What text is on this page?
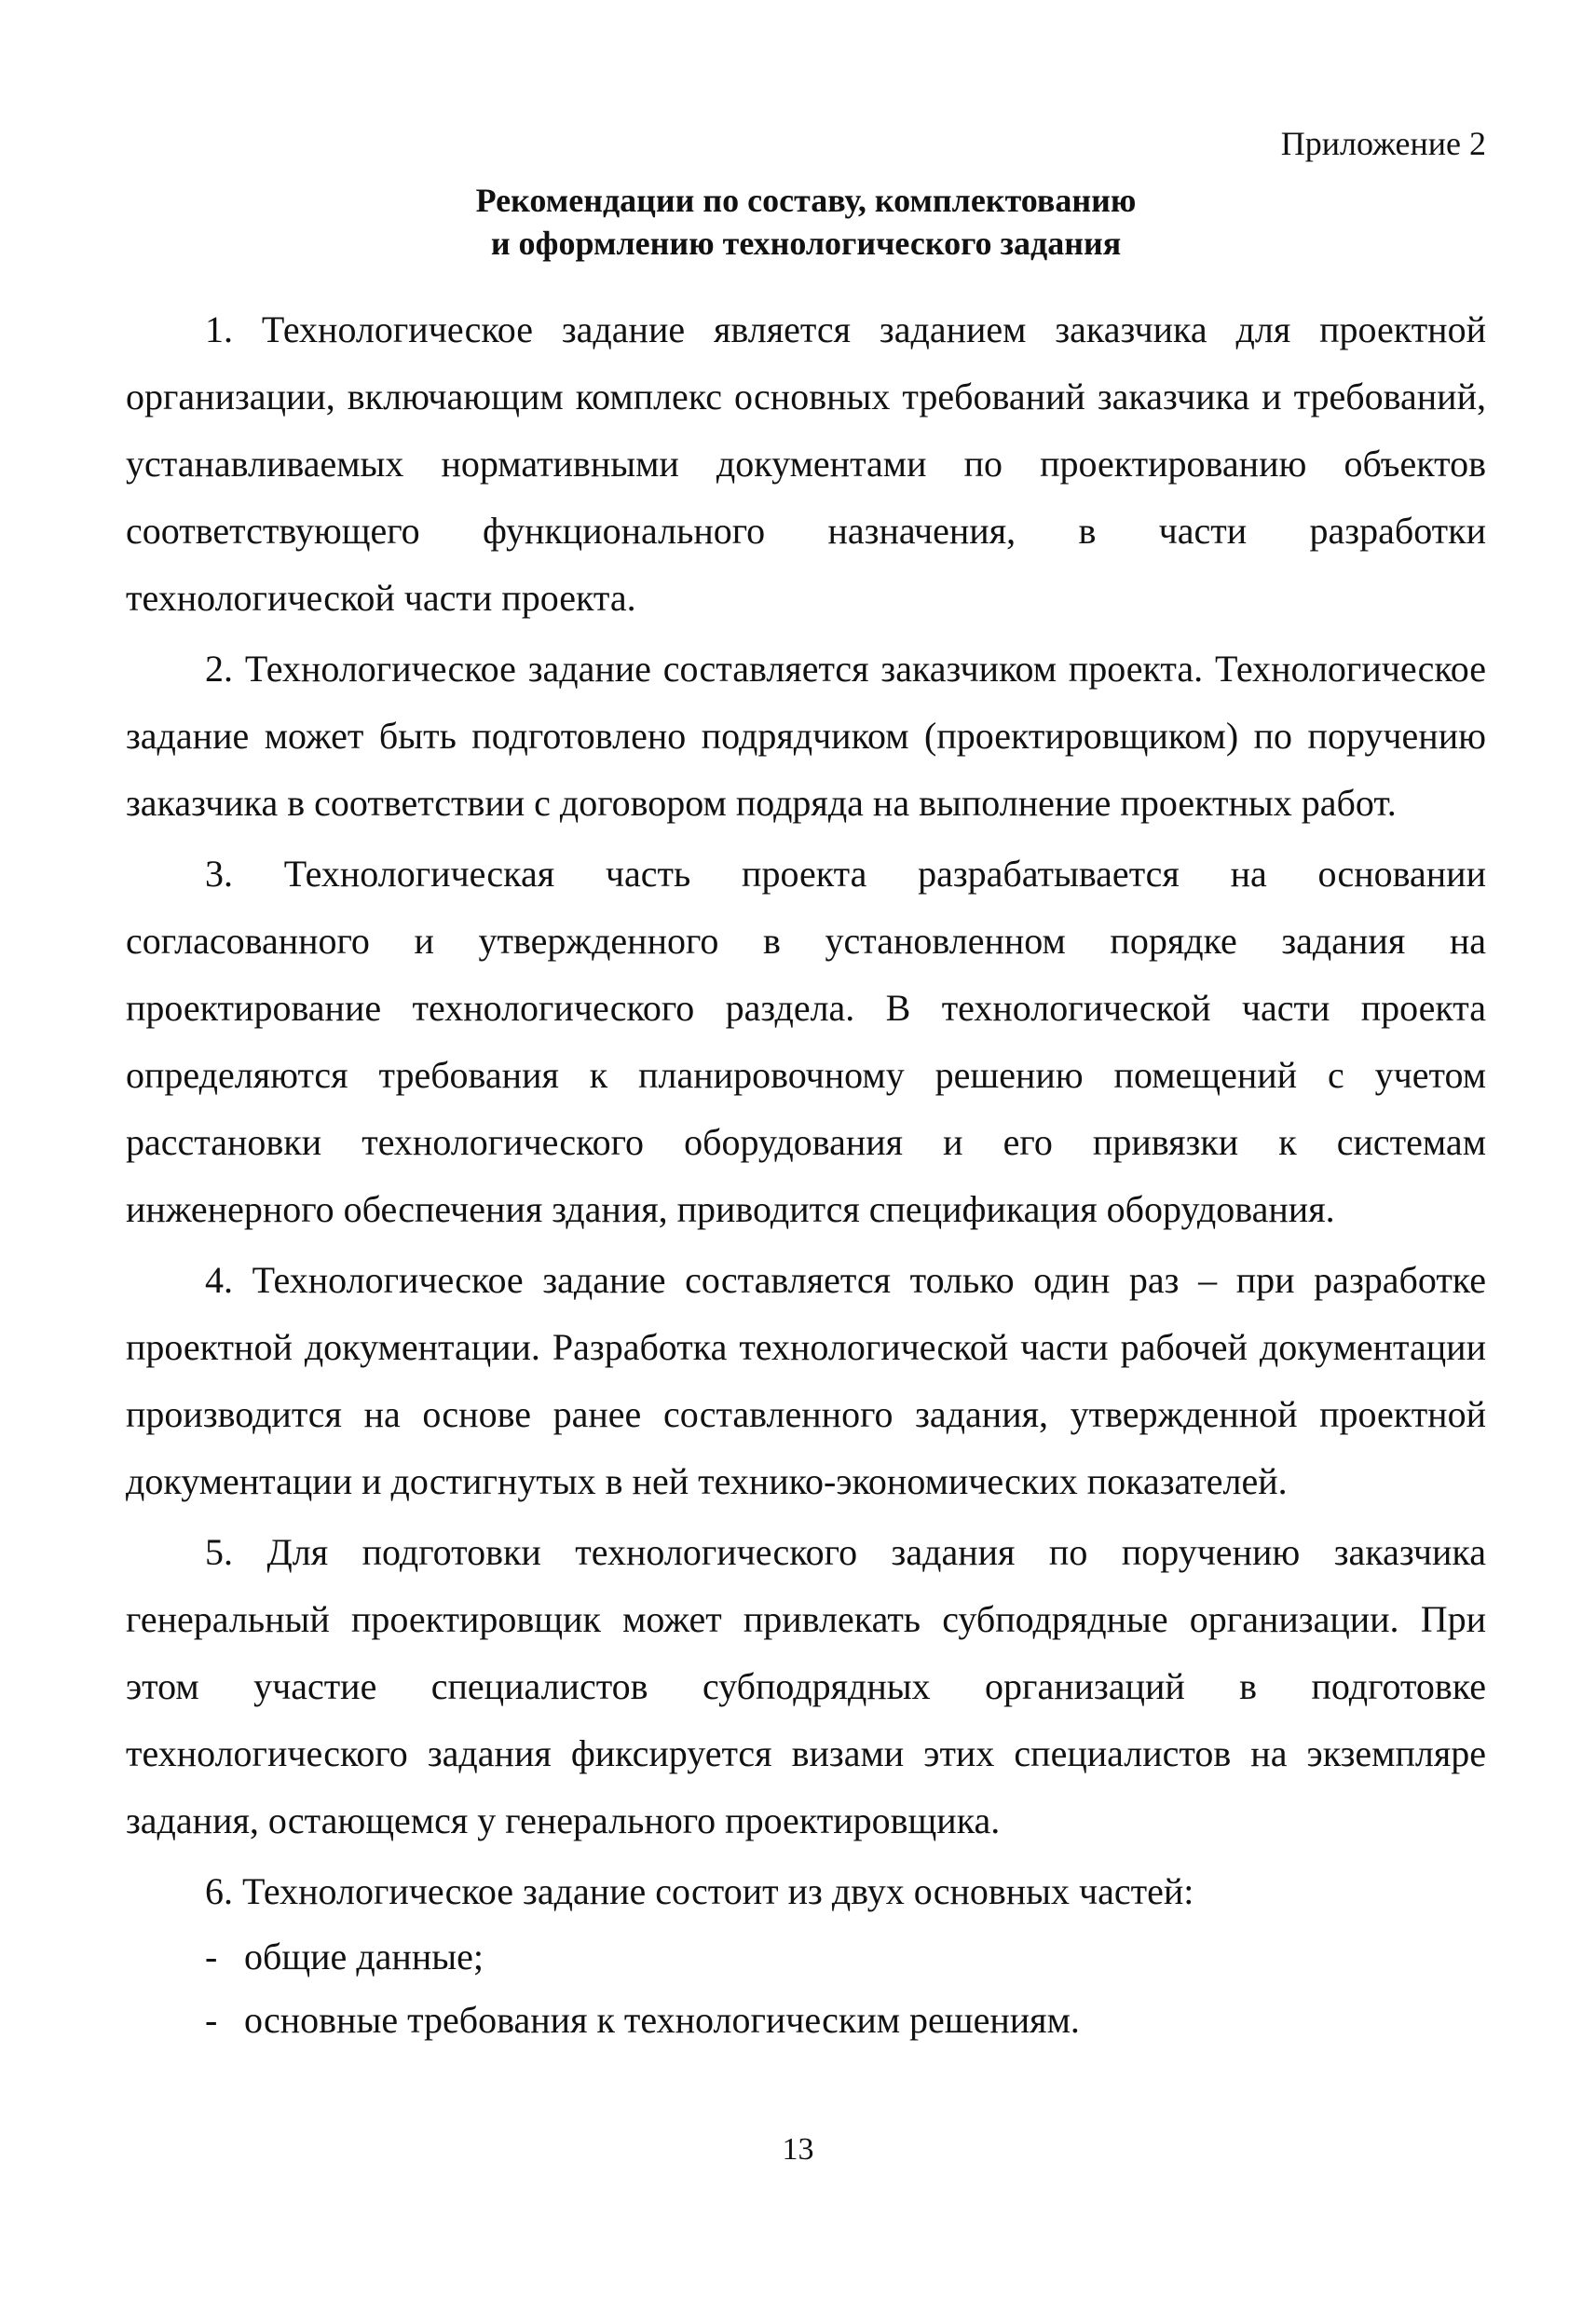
Приложение 2

Рекомендации по составу, комплектованию
и оформлению технологического задания

1. Технологическое задание является заданием заказчика для проектной организации, включающим комплекс основных требований заказчика и требований, устанавливаемых нормативными документами по проектированию объектов соответствующего функционального назначения, в части разработки технологической части проекта.

2. Технологическое задание составляется заказчиком проекта. Технологическое задание может быть подготовлено подрядчиком (проектировщиком) по поручению заказчика в соответствии с договором подряда на выполнение проектных работ.

3. Технологическая часть проекта разрабатывается на основании согласованного и утвержденного в установленном порядке задания на проектирование технологического раздела. В технологической части проекта определяются требования к планировочному решению помещений с учетом расстановки технологического оборудования и его привязки к системам инженерного обеспечения здания, приводится спецификация оборудования.

4. Технологическое задание составляется только один раз – при разработке проектной документации. Разработка технологической части рабочей документации производится на основе ранее составленного задания, утвержденной проектной документации и достигнутых в ней технико-экономических показателей.

5. Для подготовки технологического задания по поручению заказчика генеральный проектировщик может привлекать субподрядные организации. При этом участие специалистов субподрядных организаций в подготовке технологического задания фиксируется визами этих специалистов на экземпляре задания, остающемся у генерального проектировщика.

6. Технологическое задание состоит из двух основных частей:

- общие данные;
- основные требования к технологическим решениям.
13
